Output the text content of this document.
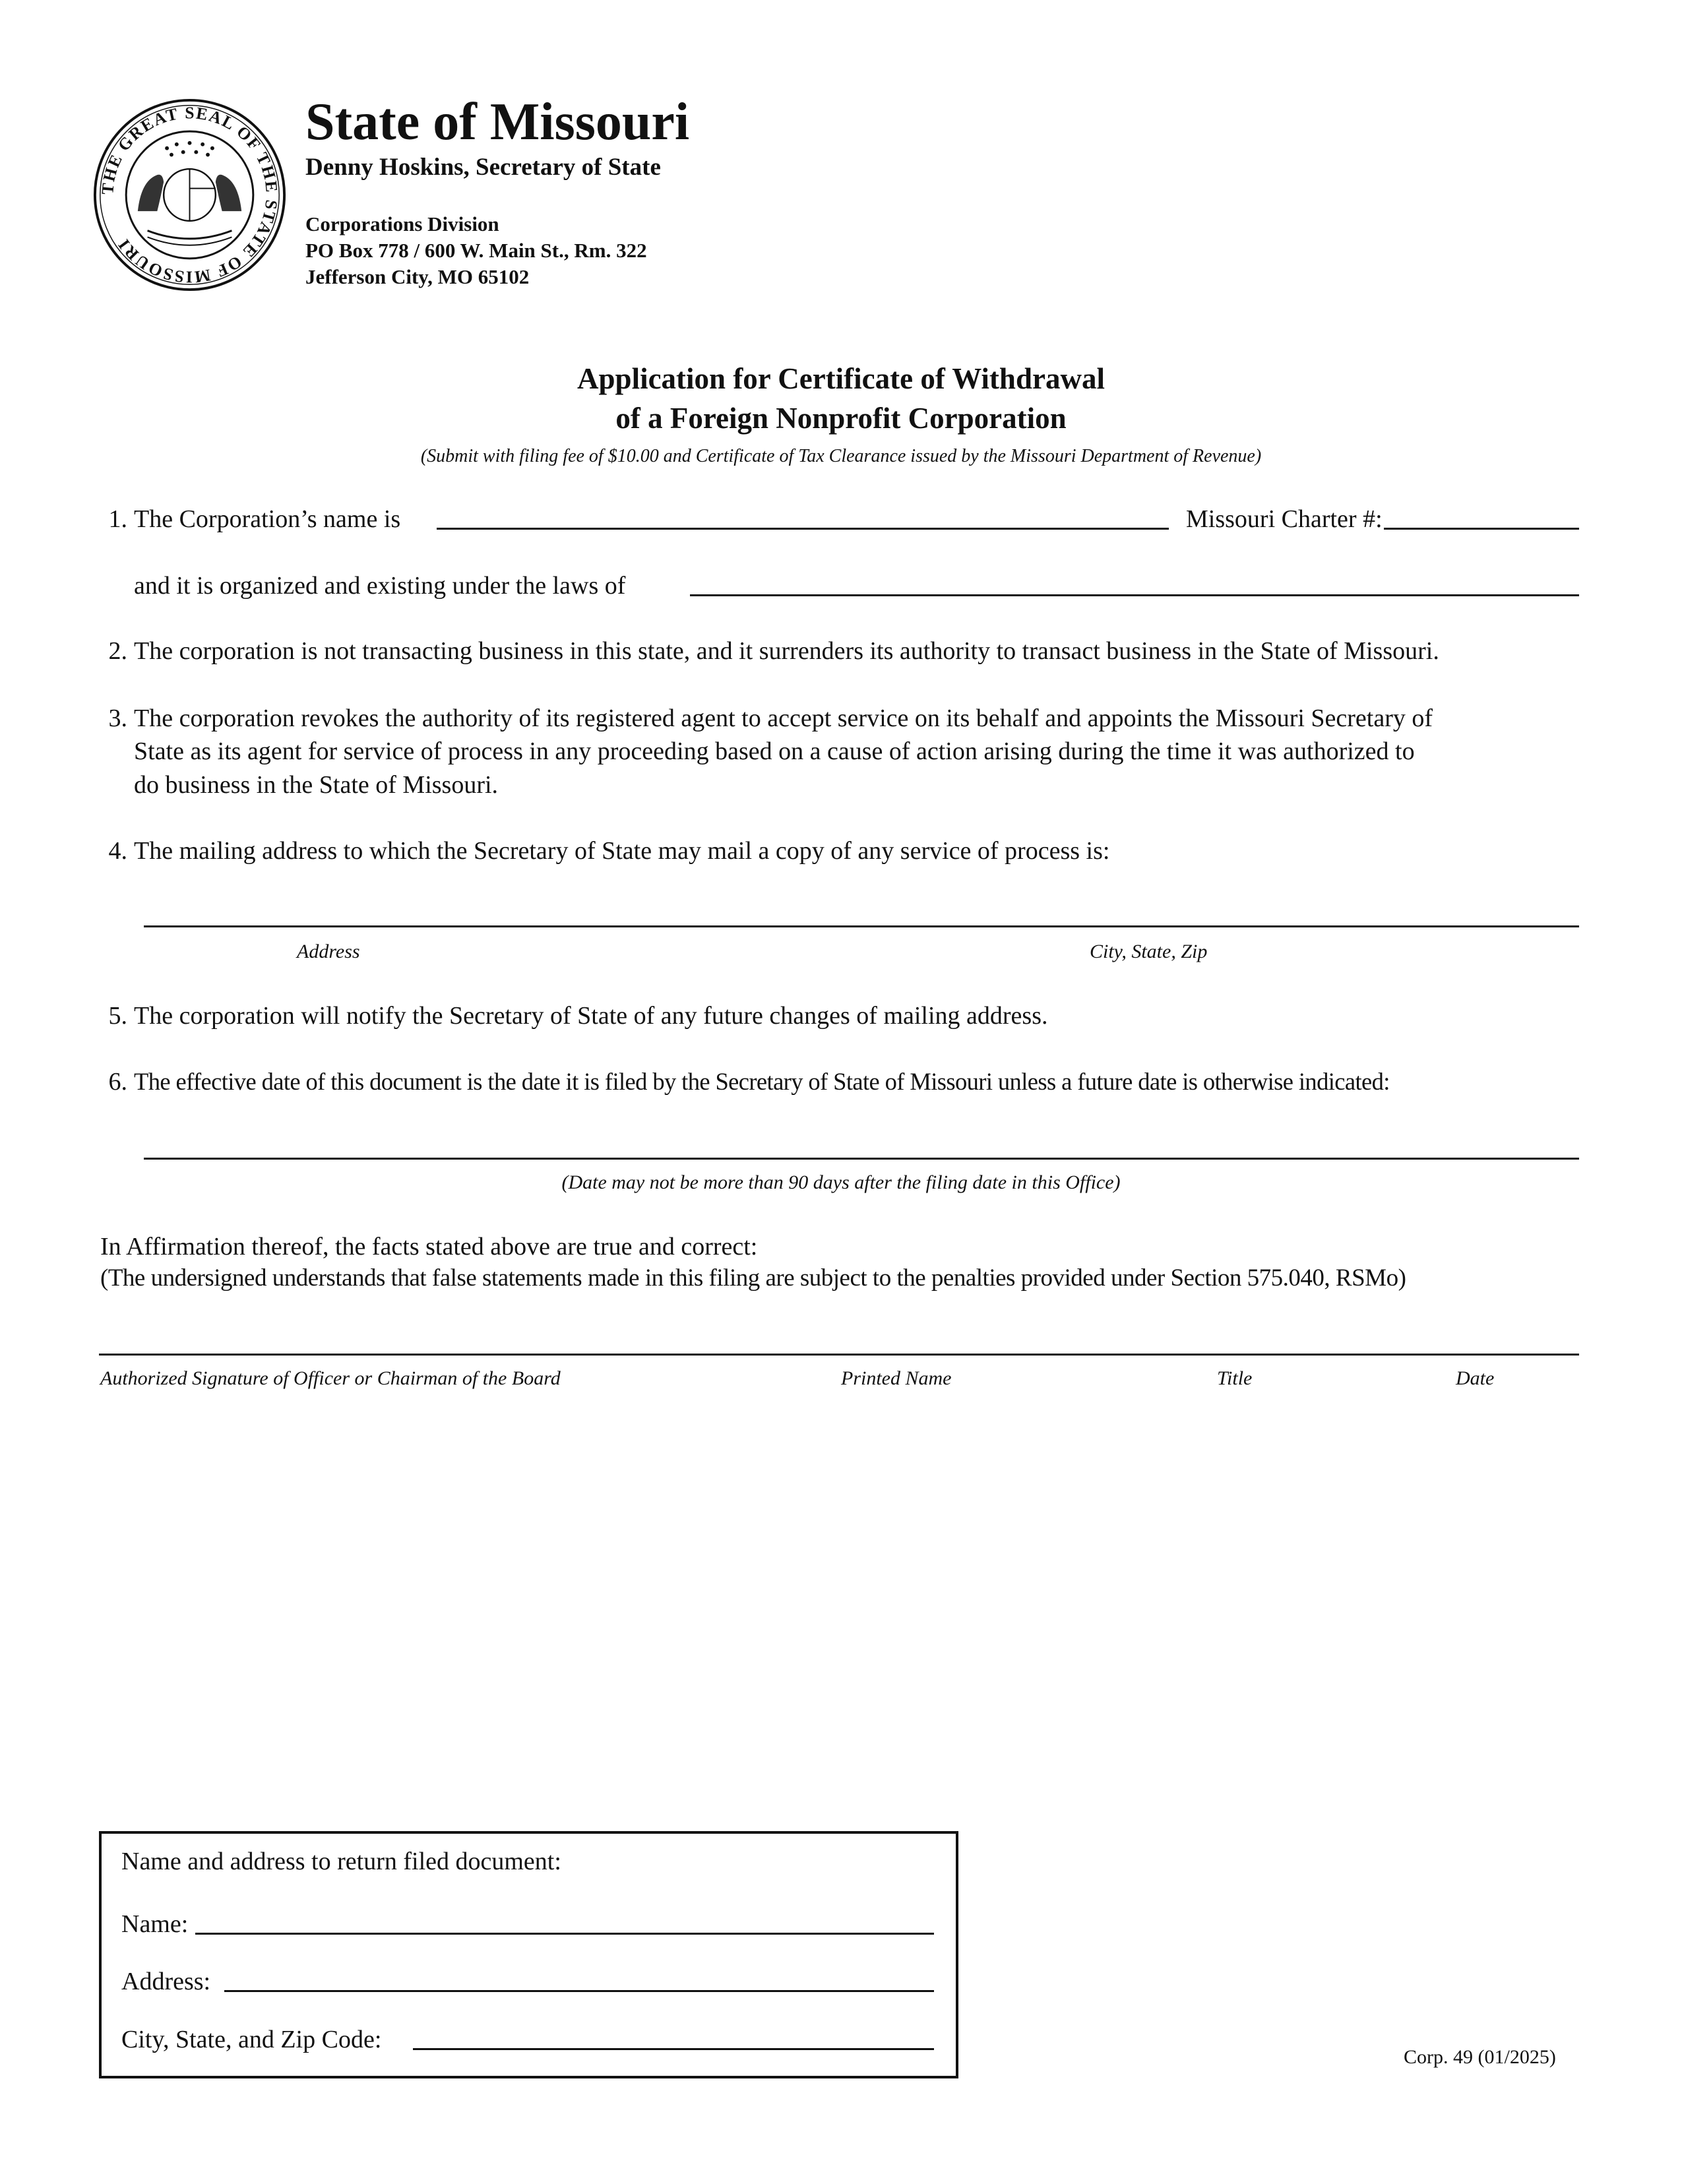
THE GREAT SEAL OF THE STATE OF MISSOURI
State of Missouri
Denny Hoskins, Secretary of State
Corporations Division
PO Box 778 / 600 W. Main St., Rm. 322
Jefferson City, MO 65102
Application for Certificate of Withdrawal
of a Foreign Nonprofit Corporation
(Submit with filing fee of $10.00 and Certificate of Tax Clearance issued by the Missouri Department of Revenue)
1. The Corporation’s name is	Missouri Charter #:
and it is organized and existing under the laws of
2. The corporation is not transacting business in this state, and it surrenders its authority to transact business in the State of Missouri.
3. The corporation revokes the authority of its registered agent to accept service on its behalf and appoints the Missouri Secretary of
State as its agent for service of process in any proceeding based on a cause of action arising during the time it was authorized to
do business in the State of Missouri.
4. The mailing address to which the Secretary of State may mail a copy of any service of process is:
Address	City, State, Zip
5. The corporation will notify the Secretary of State of any future changes of mailing address.
6. The effective date of this document is the date it is filed by the Secretary of State of Missouri unless a future date is otherwise indicated:
(Date may not be more than 90 days after the filing date in this Office)
In Affirmation thereof, the facts stated above are true and correct:
(The undersigned understands that false statements made in this filing are subject to the penalties provided under Section 575.040, RSMo)
Authorized Signature of Officer or Chairman of the Board	Printed Name	Title	Date
Name and address to return filed document:
Name:
Address:
City, State, and Zip Code:
Corp. 49 (01/2025)
